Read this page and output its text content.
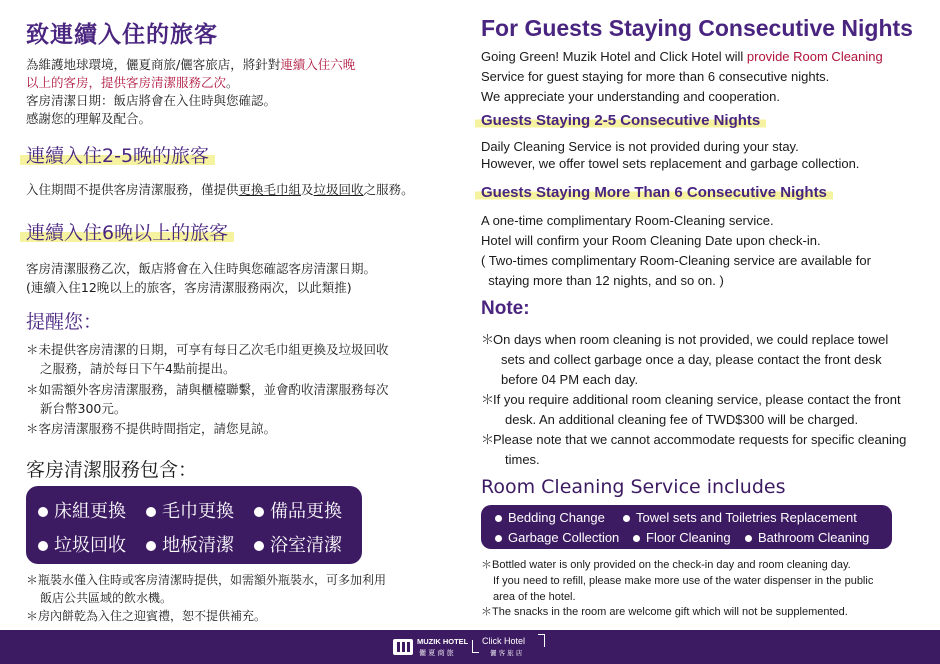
致連續入住的旅客
為維護地球環境，儷夏商旅/儷客旅店，將針對連續入住六晚
以上的客房，提供客房清潔服務乙次。
客房清潔日期：飯店將會在入住時與您確認。
感謝您的理解及配合。
連續入住2-5晚的旅客
入住期間不提供客房清潔服務，僅提供更換毛巾組及垃圾回收之服務。
連續入住6晚以上的旅客
客房清潔服務乙次，飯店將會在入住時與您確認客房清潔日期。
(連續入住12晚以上的旅客，客房清潔服務兩次，以此類推)
提醒您：
＊未提供客房清潔的日期，可享有每日乙次毛巾組更換及垃圾回收
之服務，請於每日下午4點前提出。
＊如需額外客房清潔服務，請與櫃檯聯繫，並會酌收清潔服務每次
新台幣300元。
＊客房清潔服務不提供時間指定，請您見諒。
客房清潔服務包含：
床組更換	毛巾更換	備品更換
垃圾回收	地板清潔	浴室清潔
＊瓶裝水僅入住時或客房清潔時提供，如需額外瓶裝水，可多加利用
飯店公共區域的飲水機。
＊房內餅乾為入住之迎賓禮，恕不提供補充。
For Guests Staying Consecutive Nights
Going Green! Muzik Hotel and Click Hotel will provide Room Cleaning
Service for guest staying for more than 6 consecutive nights.
We appreciate your understanding and cooperation.
Guests Staying 2-5 Consecutive Nights
Daily Cleaning Service is not provided during your stay.
However, we offer towel sets replacement and garbage collection.
Guests Staying More Than 6 Consecutive Nights
A one-time complimentary Room-Cleaning service.
Hotel will confirm your Room Cleaning Date upon check-in.
( Two-times complimentary Room-Cleaning service are available for
staying more than 12 nights, and so on. )
Note:
＊
On days when room cleaning is not provided, we could replace towel
sets and collect garbage once a day, please contact the front desk
before 04 PM each day.
＊
If you require additional room cleaning service, please contact the front
desk. An additional cleaning fee of TWD$300 will be charged.
＊
Please note that we cannot accommodate requests for specific cleaning
times.
Room Cleaning Service includes
Bedding Change	Towel sets and Toiletries Replacement
Garbage Collection	Floor Cleaning	Bathroom Cleaning
＊Bottled water is only provided on the check-in day and room cleaning day.
If you need to refill, please make more use of the water dispenser in the public
area of the hotel.
＊The snacks in the room are welcome gift which will not be supplemented.
MUZIK HOTEL
儷 夏 商 旅
Click Hotel
儷 客 旅 店
